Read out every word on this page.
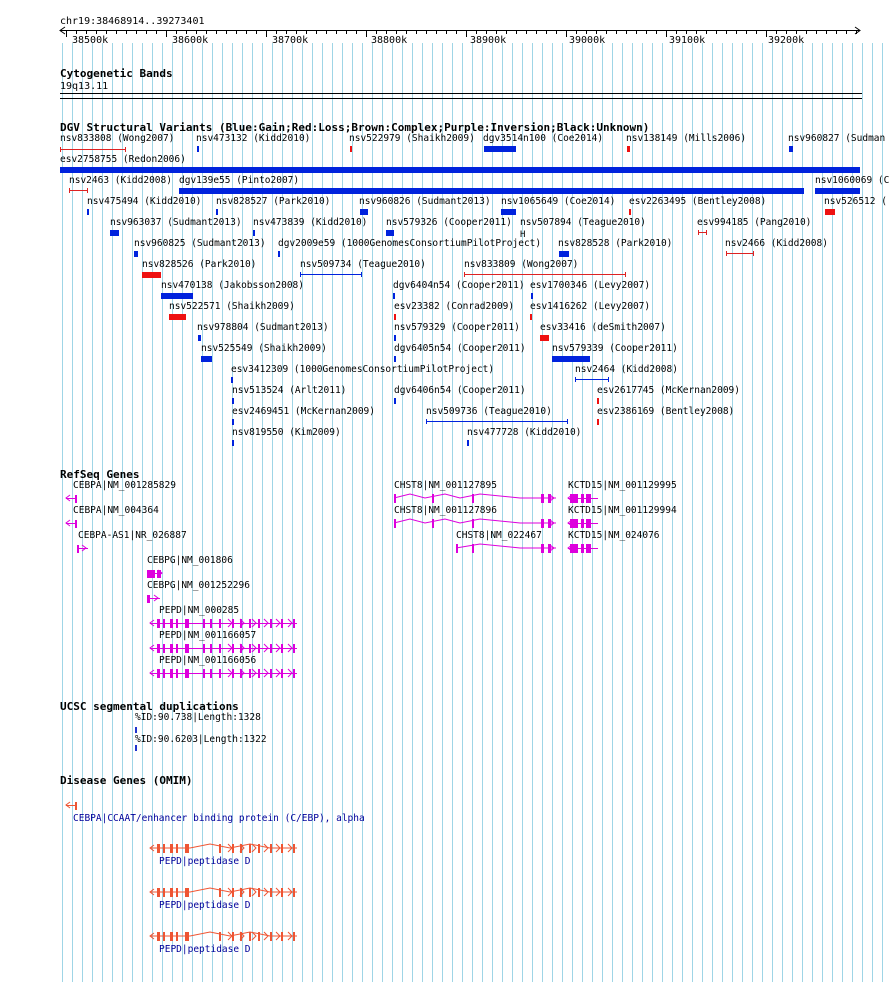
H
chr19:38468914..39273401
38500k	38600k	38700k	38800k	38900k	39000k	39100k	39200k
Cytogenetic Bands
19q13.11
DGV Structural Variants (Blue:Gain;Red:Loss;Brown:Complex;Purple:Inversion;Black:Unknown)
nsv833808 (Wong2007) nsv473132 (Kidd2010)	nsv522979 (Shaikh2009) dgv3514n100 (Coe2014) nsv138149 (Mills2006)	nsv960827 (Sudman
esv2758755 (Redon2006)
nsv2463 (Kidd2008) dgv139e55 (Pinto2007)	nsv1060069 (C
nsv475494 (Kidd2010) nsv828527 (Park2010)	nsv960826 (Sudmant2013) nsv1065649 (Coe2014) esv2263495 (Bentley2008)	nsv526512 (
nsv963037 (Sudmant2013) nsv473839 (Kidd2010) nsv579326 (Cooper2011) nsv507894 (Teague2010)	esv994185 (Pang2010)
nsv960825 (Sudmant2013) dgv2009e59 (1000GenomesConsortiumPilotProject) nsv828528 (Park2010)	nsv2466 (Kidd2008)
nsv828526 (Park2010)	nsv509734 (Teague2010)	nsv833809 (Wong2007)
nsv470138 (Jakobsson2008)	dgv6404n54 (Cooper2011) esv1700346 (Levy2007)
nsv522571 (Shaikh2009)	esv23382 (Conrad2009) esv1416262 (Levy2007)
nsv978804 (Sudmant2013)	nsv579329 (Cooper2011) esv33416 (deSmith2007)
nsv525549 (Shaikh2009)	dgv6405n54 (Cooper2011)	nsv579339 (Cooper2011)
esv3412309 (1000GenomesConsortiumPilotProject)	nsv2464 (Kidd2008)
nsv513524 (Arlt2011)	dgv6406n54 (Cooper2011)	esv2617745 (McKernan2009)
esv2469451 (McKernan2009)	nsv509736 (Teague2010)	esv2386169 (Bentley2008)
nsv819550 (Kim2009)	nsv477728 (Kidd2010)
RefSeq Genes
CEBPA|NM_001285829	CHST8|NM_001127895	KCTD15|NM_001129995
CEBPA|NM_004364	CHST8|NM_001127896	KCTD15|NM_001129994
CEBPA-AS1|NR_026887	CHST8|NM_022467	KCTD15|NM_024076
CEBPG|NM_001806
CEBPG|NM_001252296
PEPD|NM_000285
PEPD|NM_001166057
PEPD|NM_001166056
UCSC segmental duplications
%ID:90.738|Length:1328
%ID:90.6203|Length:1322
Disease Genes (OMIM)
CEBPA|CCAAT/enhancer binding protein (C/EBP), alpha
PEPD|peptidase D
PEPD|peptidase D
PEPD|peptidase D
